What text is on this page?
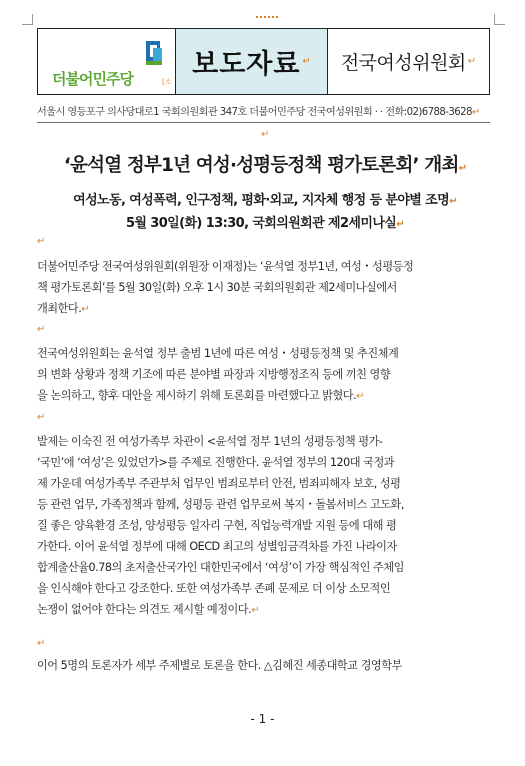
더불어민주당	[소
보도자료 ↵ 전국여성위원회 ↵
서울시 영등포구 의사당대로1 국회의원회관 347호 더불어민주당 전국여성위원회 · · 전화:02)6788-3628↵
↵
‘윤석열 정부1년 여성·성평등정책 평가토론회’ 개최↵
여성노동, 여성폭력, 인구정책, 평화·외교, 지자체 행정 등 분야별 조명↵
5월 30일(화) 13:30, 국회의원회관 제2세미나실↵
↵

더불어민주당 전국여성위원회(위원장 이재정)는 ‘윤석열 정부1년, 여성・성평등정

책 평가토론회’를 5월 30일(화) 오후 1시 30분 국회의원회관 제2세미나실에서

개최한다.↵

↵

전국여성위원회는 윤석열 정부 출범 1년에 따른 여성・성평등정책 및 추진체계

의 변화 상황과 정책 기조에 따른 분야별 파장과 지방행정조직 등에 끼친 영향

을 논의하고, 향후 대안을 제시하기 위해 토론회를 마련했다고 밝혔다.↵

↵

발제는 이숙진 전 여성가족부 차관이 <윤석열 정부 1년의 성평등정책 평가-

‘국민’에 ‘여성’은 있었던가>를 주제로 진행한다. 윤석열 정부의 120대 국정과

제 가운데 여성가족부 주관부처 업무인 범죄로부터 안전, 범죄피해자 보호, 성평

등 관련 업무, 가족정책과 함께, 성평등 관련 업무로써 복지・돌봄서비스 고도화,

질 좋은 양육환경 조성, 양성평등 일자리 구현, 직업능력개발 지원 등에 대해 평

가한다. 이어 윤석열 정부에 대해 OECD 최고의 성별임금격차를 가진 나라이자

합계출산율0.78의 초저출산국가인 대한민국에서 ‘여성’이 가장 핵심적인 주체임

을 인식해야 한다고 강조한다. 또한 여성가족부 존폐 문제로 더 이상 소모적인

논쟁이 없어야 한다는 의견도 제시할 예정이다.↵

↵

이어 5명의 토론자가 세부 주제별로 토론을 한다. △김혜진 세종대학교 경영학부

- 1 -
